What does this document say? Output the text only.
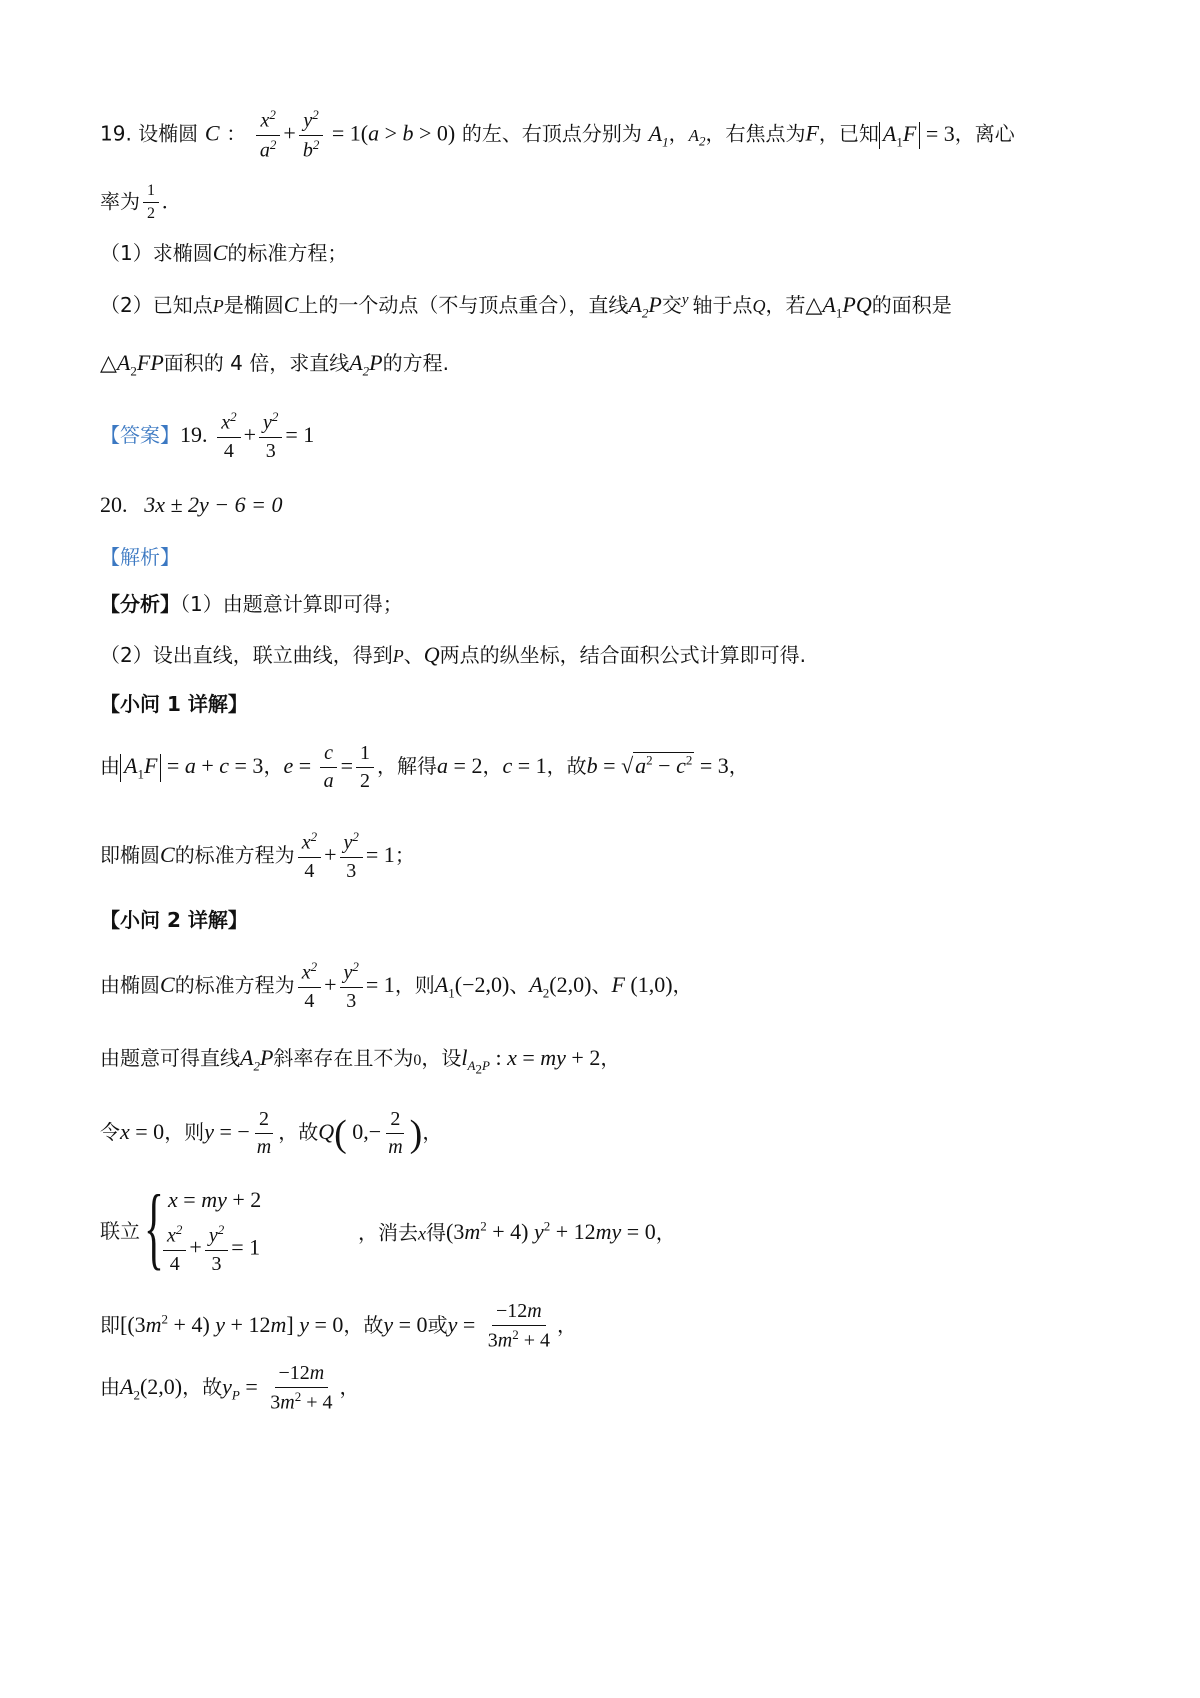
19. 设椭圆 C ： $\frac{x^2}{a^2} + \frac{y^2}{b^2} = 1(a > b > 0)$ 的左、右顶点分别为 $A_1$，$A_2$，右焦点为F，已知 $A_1F = 3$，离心
率为 $\frac{1}{2}$ .
（1）求椭圆C的标准方程；
（2）已知点P是椭圆C上的一个动点（不与顶点重合），直线$A_2P$交$^y$ 轴于点Q，若$\triangle A_1PQ$的面积是
$\triangle A_2FP$面积的 4 倍，求直线$A_2P$的方程.
【答案】19. $\frac{x^2}{4} + \frac{y^2}{3} = 1$
20. 3x ± 2y − 6 = 0
【解析】
【分析】（1）由题意计算即可得；
（2）设出直线，联立曲线，得到P、Q两点的纵坐标，结合面积公式计算即可得.
【小问 1 详解】
由 $A_1F = a + c = 3$，$e = \frac{c}{a} = \frac{1}{2}$ ，解得a = 2，c = 1，故$b = √a^2 - c^2 = 3$，
即椭圆C的标准方程为 $\frac{x^2}{4} + \frac{y^2}{3} = 1$；
【小问 2 详解】
由椭圆C的标准方程为 $\frac{x^2}{4} + \frac{y^2}{3} = 1$，则$A_1(-2,0)$、$A_2(2,0)$、F (1,0)，
由题意可得直线$A_2P$斜率存在且不为0，设$l_{A_2P}$ : x = my + 2，
令x = 0，则y = − $\frac{2}{m}$ ，故Q( $0,- \frac{2}{m}$ )，
联立 { x = my + 2
$\frac{x^2}{4} + \frac{y^2}{3} = 1$
，消去x得$(3m^2 + 4) y^2 + 12my = 0$，
即$[(3m^2 + 4) y + 12m] y = 0$，故y = 0或$y = \frac{-12m}{3m^2 + 4}$ ，
由$A_2(2,0)$，故$y_P = \frac{-12m}{3m^2 + 4}$ ，
